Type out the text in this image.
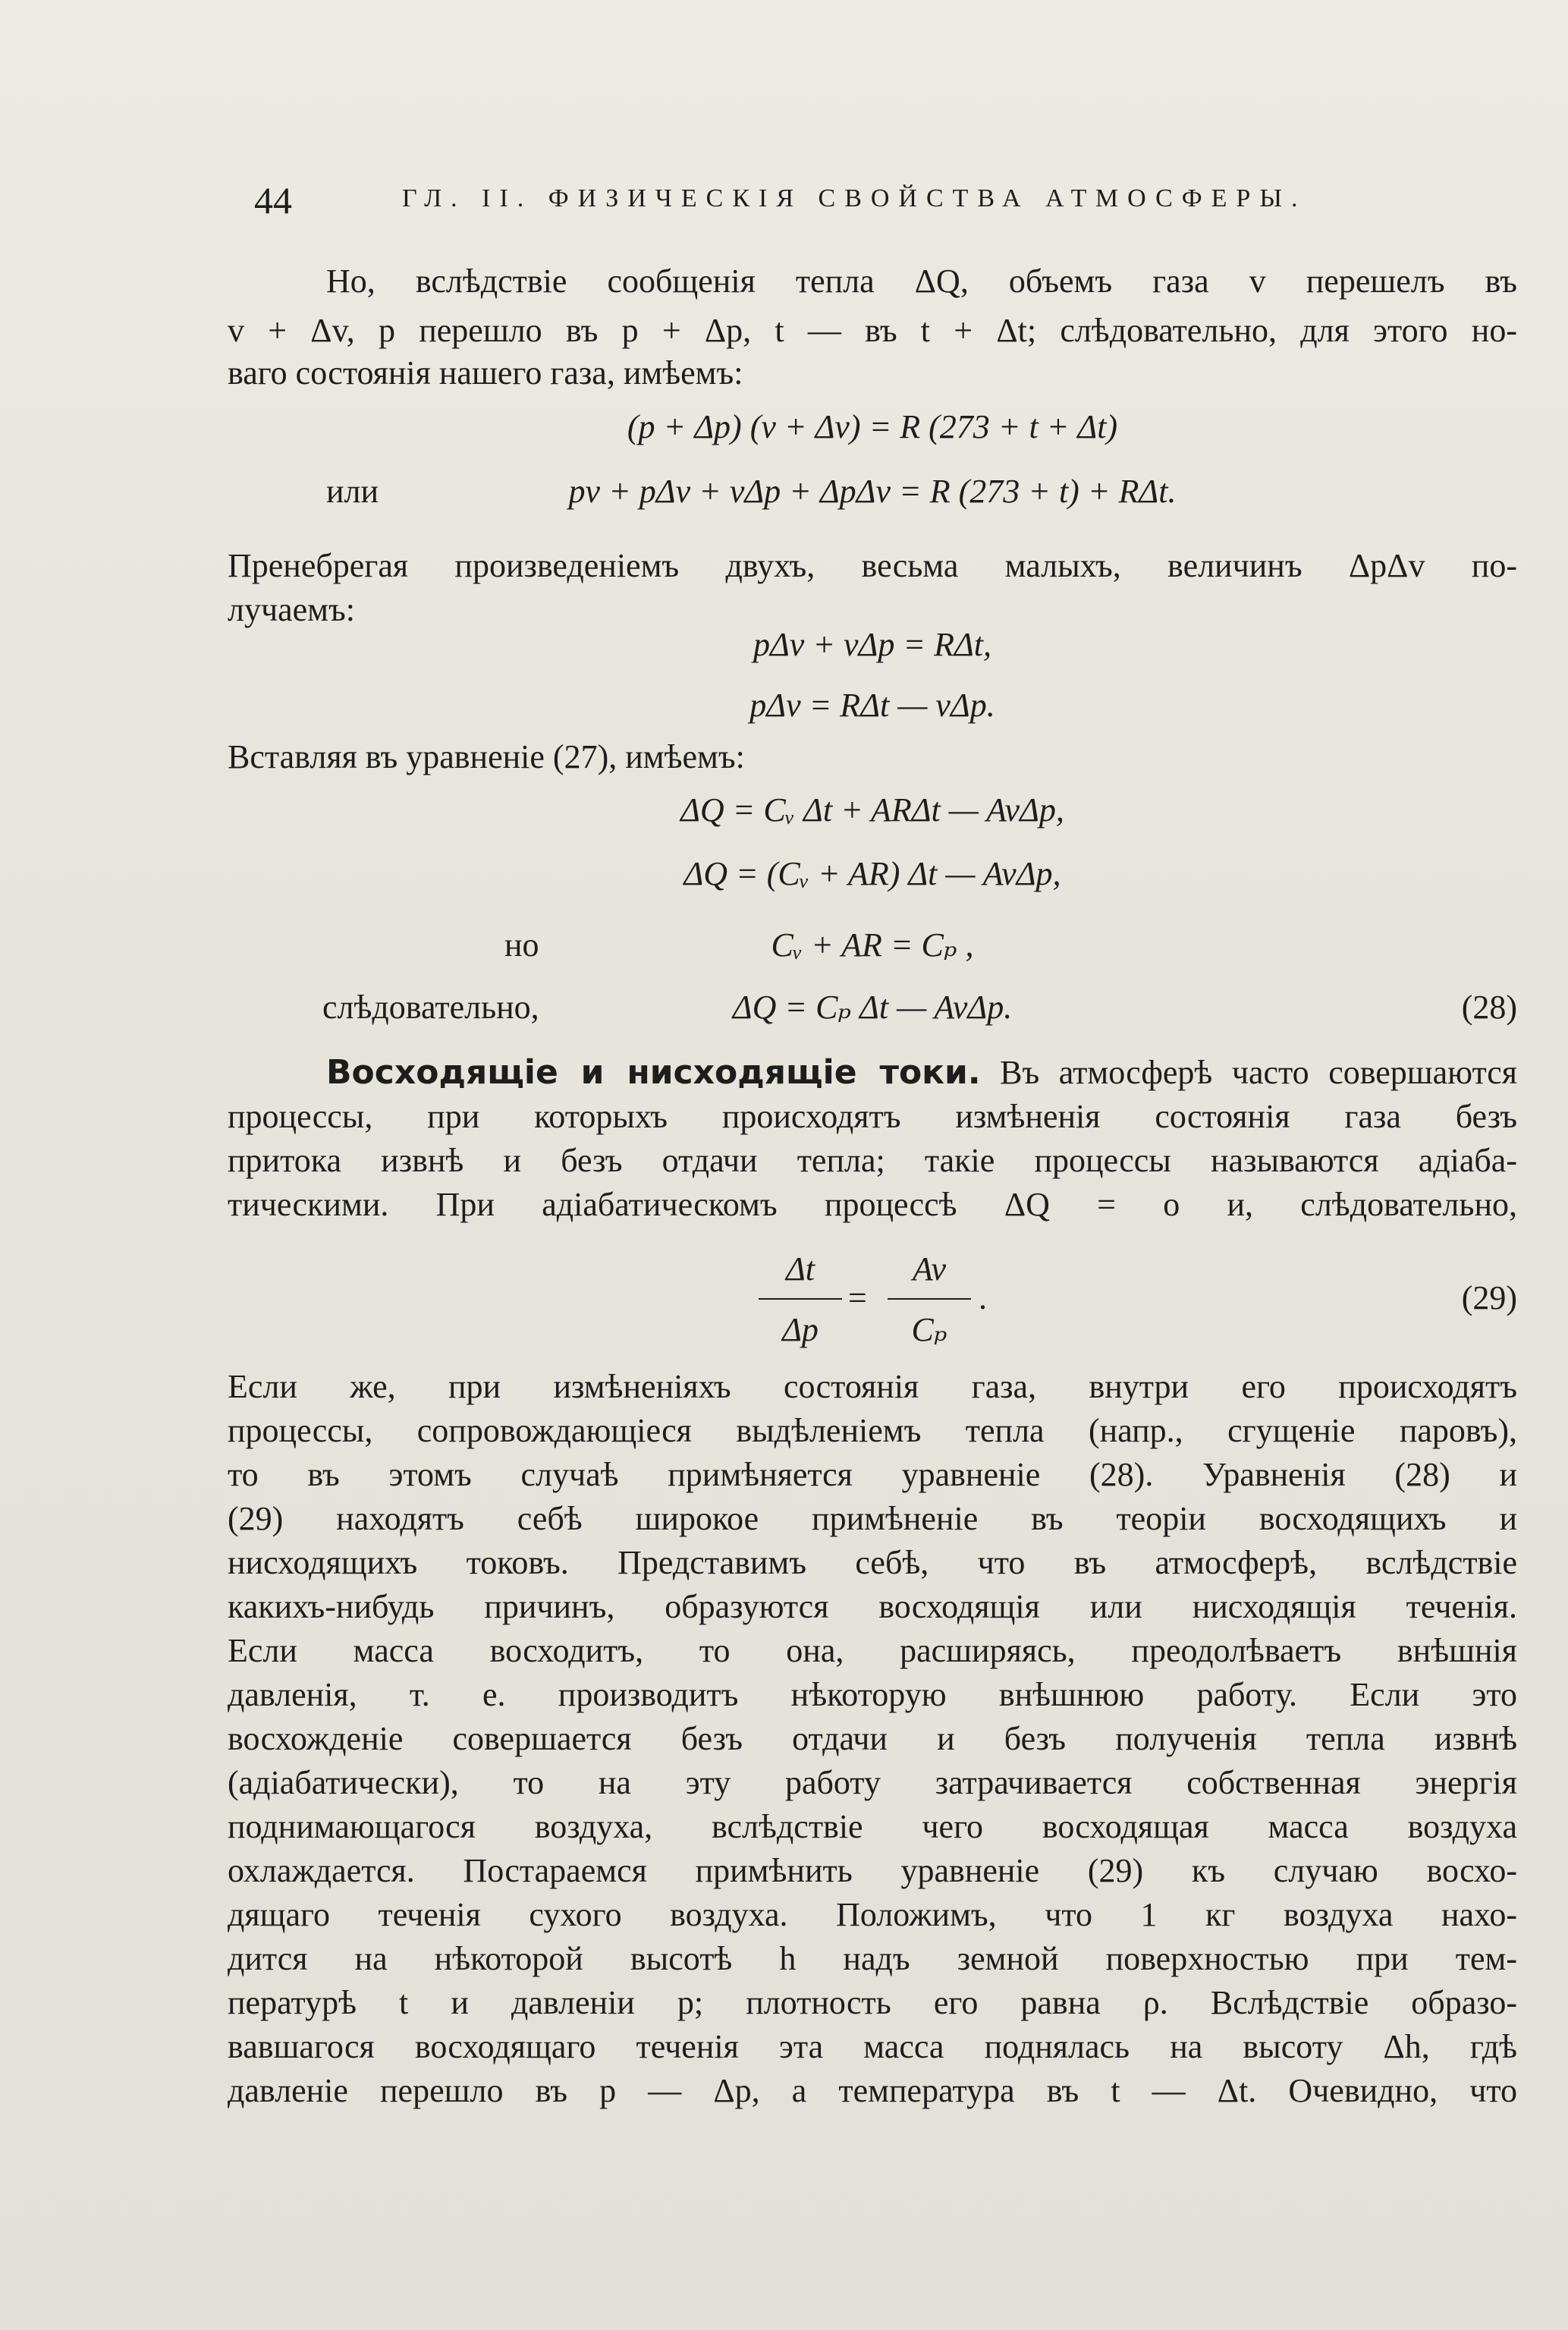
44	ГЛ. II. ФИЗИЧЕСКІЯ СВОЙСТВА АТМОСФЕРЫ.
Но, вслѣдствіе сообщенія тепла ΔQ, объемъ газа v перешелъ въ
v + Δv, p перешло въ p + Δp, t — въ t + Δt; слѣдовательно, для этого но-
ваго состоянія нашего газа, имѣемъ:
(p + Δp) (v + Δv) = R (273 + t + Δt)
или	pv + pΔv + vΔp + ΔpΔv = R (273 + t) + RΔt.
Пренебрегая произведеніемъ двухъ, весьма малыхъ, величинъ ΔpΔv по-
лучаемъ:
pΔv + vΔp = RΔt,
pΔv = RΔt — vΔp.
Вставляя въ уравненіе (27), имѣемъ:
ΔQ = Cᵥ Δt + ARΔt — AvΔp,
ΔQ = (Cᵥ + AR) Δt — AvΔp,
но	Cᵥ + AR = Cₚ ,
слѣдовательно,	ΔQ = Cₚ Δt — AvΔp.	(28)
Восходящіе и нисходящіе токи. Въ атмосферѣ часто совершаются
процессы, при которыхъ происходятъ измѣненія состоянія газа безъ
притока извнѣ и безъ отдачи тепла; такіе процессы называются адіаба-
тическими. При адіабатическомъ процессѣ ΔQ = о и, слѣдовательно,
Δt
Δp
=
Av
Cₚ
.	(29)
Если же, при измѣненіяхъ состоянія газа, внутри его происходятъ
процессы, сопровождающіеся выдѣленіемъ тепла (напр., сгущеніе паровъ),
то въ этомъ случаѣ примѣняется уравненіе (28). Уравненія (28) и
(29) находятъ себѣ широкое примѣненіе въ теоріи восходящихъ и
нисходящихъ токовъ. Представимъ себѣ, что въ атмосферѣ, вслѣдствіе
какихъ-нибудь причинъ, образуются восходящія или нисходящія теченія.
Если масса восходитъ, то она, расширяясь, преодолѣваетъ внѣшнія
давленія, т. е. производитъ нѣкоторую внѣшнюю работу. Если это
восхожденіе совершается безъ отдачи и безъ полученія тепла извнѣ
(адіабатически), то на эту работу затрачивается собственная энергія
поднимающагося воздуха, вслѣдствіе чего восходящая масса воздуха
охлаждается. Постараемся примѣнить уравненіе (29) къ случаю восхо-
дящаго теченія сухого воздуха. Положимъ, что 1 кг воздуха нахо-
дится на нѣкоторой высотѣ h надъ земной поверхностью при тем-
пературѣ t и давленіи p; плотность его равна ρ. Вслѣдствіе образо-
вавшагося восходящаго теченія эта масса поднялась на высоту Δh, гдѣ
давленіе перешло въ p — Δp, а температура въ t — Δt. Очевидно, что
